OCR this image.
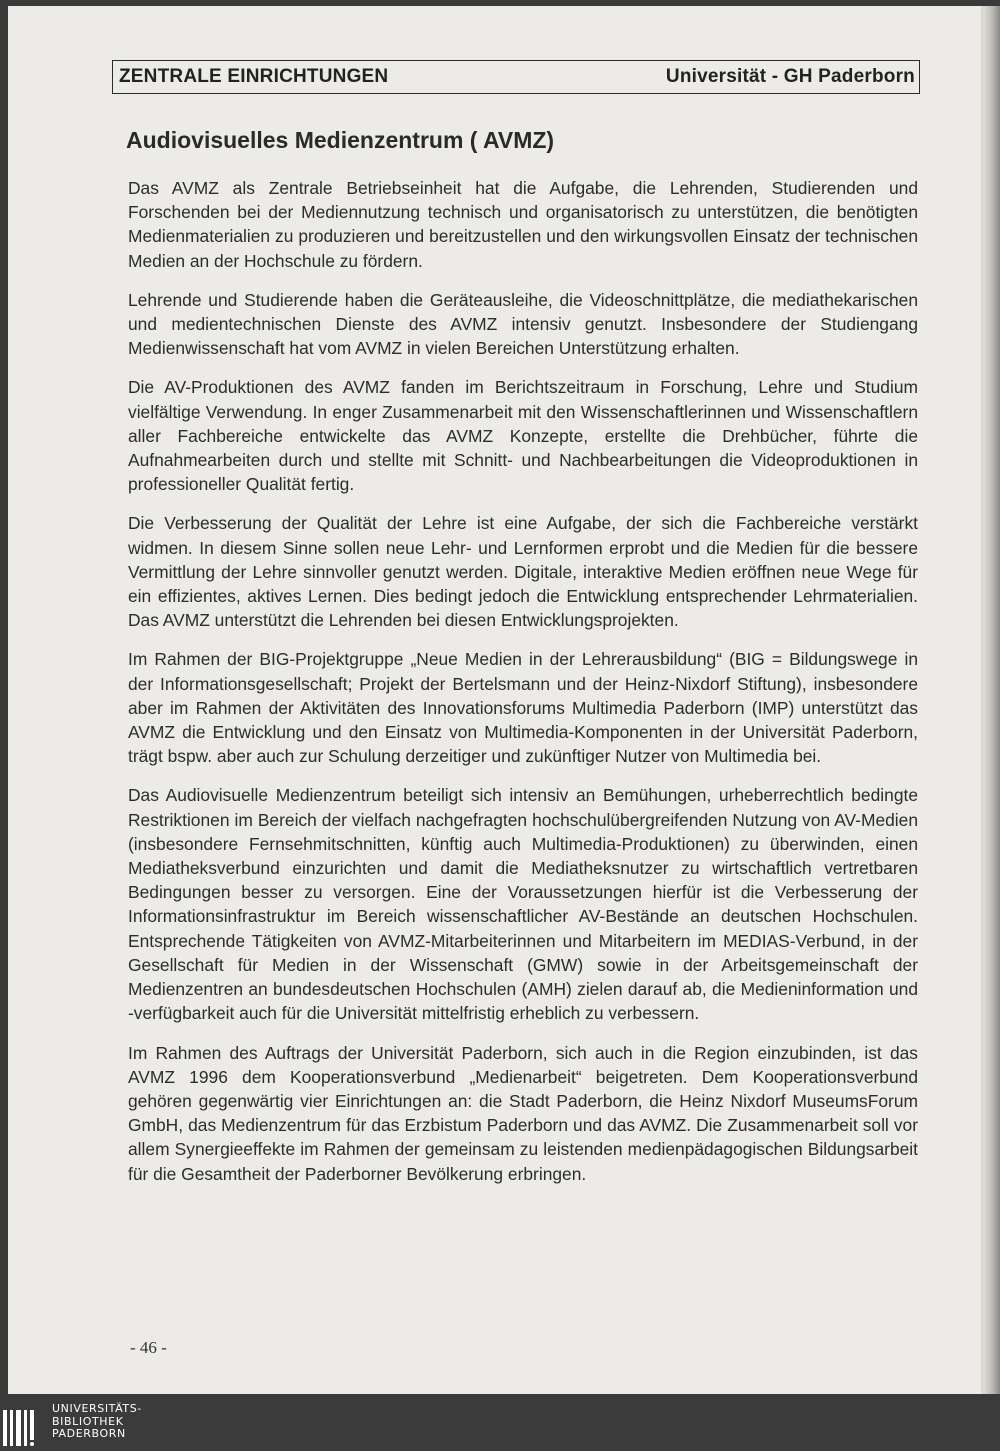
ZENTRALE EINRICHTUNGEN	Universität - GH Paderborn
Audiovisuelles Medienzentrum ( AVMZ)

Das AVMZ als Zentrale Betriebseinheit hat die Aufgabe, die Lehrenden, Studierenden und Forschenden bei der Mediennutzung technisch und organisatorisch zu unterstützen, die benötigten Medienmaterialien zu produzieren und bereitzustellen und den wirkungsvollen Einsatz der technischen Medien an der Hochschule zu fördern.

Lehrende und Studierende haben die Geräteausleihe, die Videoschnittplätze, die mediathekarischen und medientechnischen Dienste des AVMZ intensiv genutzt. Insbesondere der Studiengang Medienwissenschaft hat vom AVMZ in vielen Bereichen Unterstützung erhalten.

Die AV-Produktionen des AVMZ fanden im Berichtszeitraum in Forschung, Lehre und Studium vielfältige Verwendung. In enger Zusammenarbeit mit den Wissenschaftlerinnen und Wissenschaftlern aller Fachbereiche entwickelte das AVMZ Konzepte, erstellte die Drehbücher, führte die Aufnahmearbeiten durch und stellte mit Schnitt- und Nachbearbeitungen die Videoproduktionen in professioneller Qualität fertig.

Die Verbesserung der Qualität der Lehre ist eine Aufgabe, der sich die Fachbereiche verstärkt widmen. In diesem Sinne sollen neue Lehr- und Lernformen erprobt und die Medien für die bessere Vermittlung der Lehre sinnvoller genutzt werden. Digitale, interaktive Medien eröffnen neue Wege für ein effizientes, aktives Lernen. Dies bedingt jedoch die Entwicklung entsprechender Lehrmaterialien. Das AVMZ unterstützt die Lehrenden bei diesen Entwicklungsprojekten.

Im Rahmen der BIG-Projektgruppe „Neue Medien in der Lehrerausbildung“ (BIG = Bildungswege in der Informationsgesellschaft; Projekt der Bertelsmann und der Heinz-Nixdorf Stiftung), insbesondere aber im Rahmen der Aktivitäten des Innovationsforums Multimedia Paderborn (IMP) unterstützt das AVMZ die Entwicklung und den Einsatz von Multimedia-Komponenten in der Universität Paderborn, trägt bspw. aber auch zur Schulung derzeitiger und zukünftiger Nutzer von Multimedia bei.

Das Audiovisuelle Medienzentrum beteiligt sich intensiv an Bemühungen, urheberrechtlich bedingte Restriktionen im Bereich der vielfach nachgefragten hochschulübergreifenden Nutzung von AV-Medien (insbesondere Fernsehmitschnitten, künftig auch Multimedia-Produktionen) zu überwinden, einen Mediatheksverbund einzurichten und damit die Mediatheksnutzer zu wirtschaftlich vertretbaren Bedingungen besser zu versorgen. Eine der Voraussetzungen hierfür ist die Verbesserung der Informationsinfrastruktur im Bereich wissenschaftlicher AV-Bestände an deutschen Hochschulen. Entsprechende Tätigkeiten von AVMZ-Mitarbeiterinnen und Mitarbeitern im MEDIAS-Verbund, in der Gesellschaft für Medien in der Wissenschaft (GMW) sowie in der Arbeitsgemeinschaft der Medienzentren an bundesdeutschen Hochschulen (AMH) zielen darauf ab, die Medieninformation und -verfügbarkeit auch für die Universität mittelfristig erheblich zu verbessern.

Im Rahmen des Auftrags der Universität Paderborn, sich auch in die Region einzubinden, ist das AVMZ 1996 dem Kooperationsverbund „Medienarbeit“ beigetreten. Dem Kooperationsverbund gehören gegenwärtig vier Einrichtungen an: die Stadt Paderborn, die Heinz Nixdorf MuseumsForum GmbH, das Medienzentrum für das Erzbistum Paderborn und das AVMZ. Die Zusammenarbeit soll vor allem Synergieeffekte im Rahmen der gemeinsam zu leistenden medienpädagogischen Bildungsarbeit für die Gesamtheit der Paderborner Bevölkerung erbringen.

- 46 -
UNIVERSITÄTS-
BIBLIOTHEK
PADERBORN
